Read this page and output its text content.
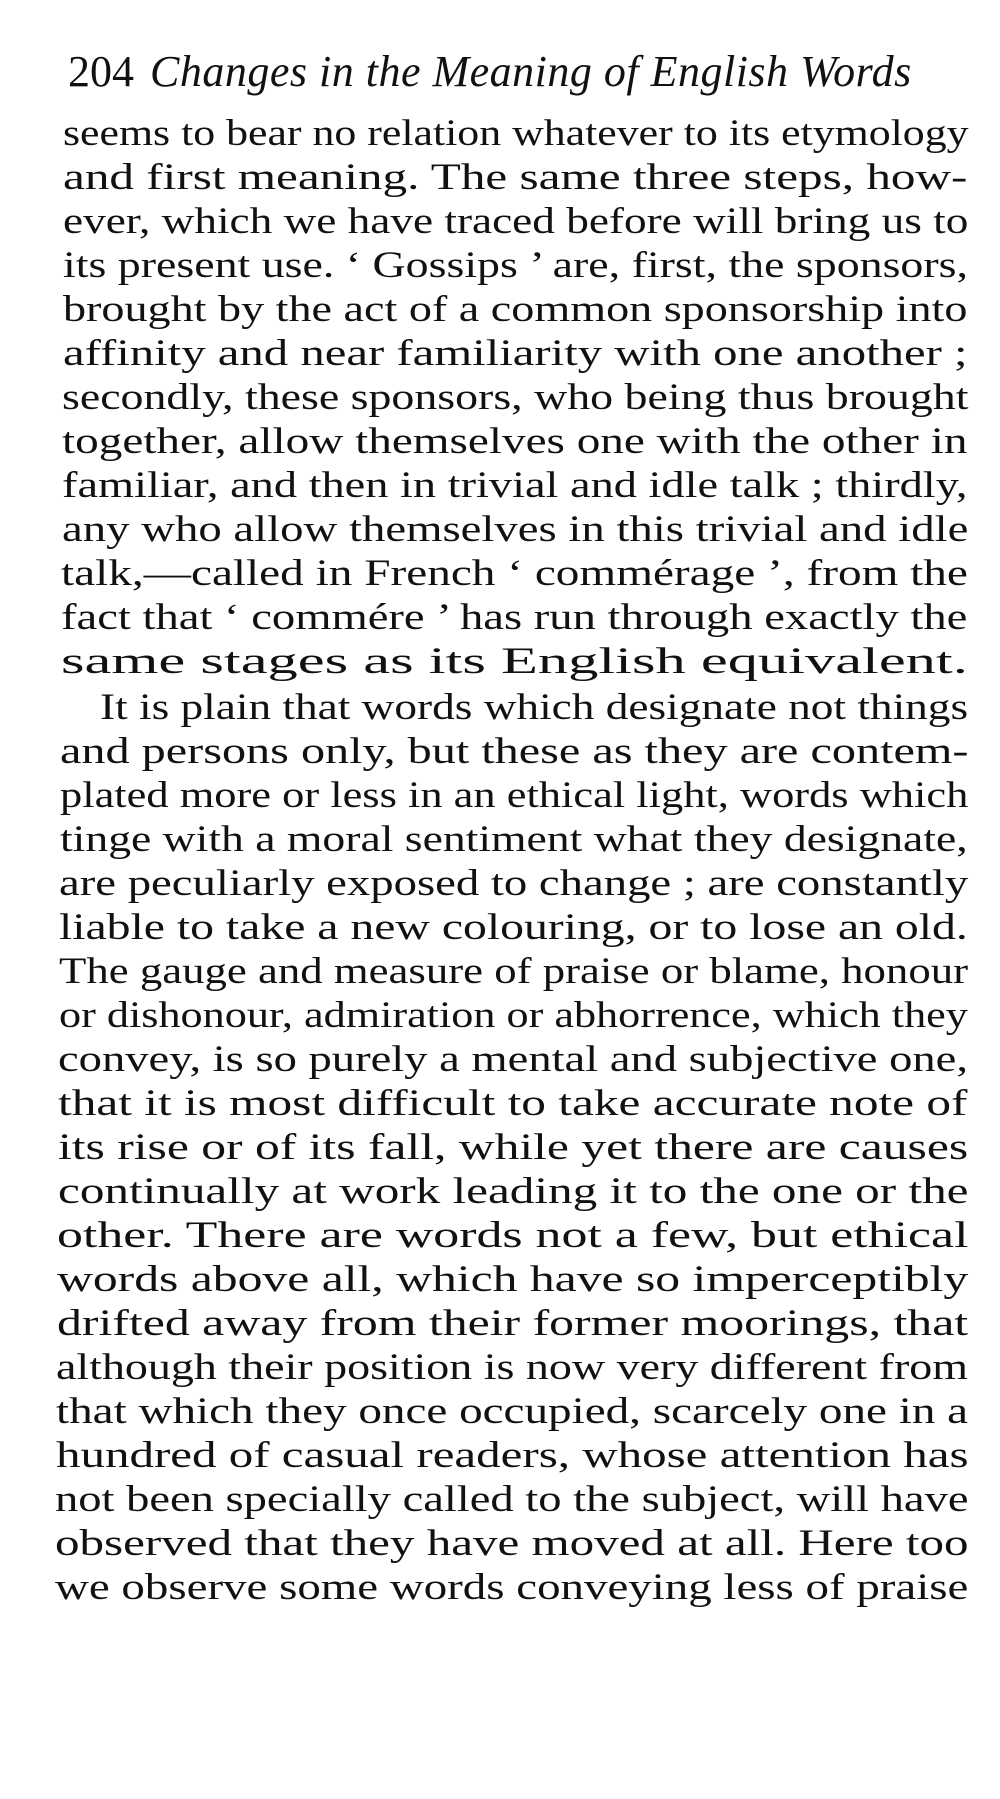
204 Changes in the Meaning of English Words
seems to bear no relation whatever to its etymology
and first meaning. The same three steps, how-
ever, which we have traced before will bring us to
its present use. ‘ Gossips ’ are, first, the sponsors,
brought by the act of a common sponsorship into
affinity and near familiarity with one another ;
secondly, these sponsors, who being thus brought
together, allow themselves one with the other in
familiar, and then in trivial and idle talk ; thirdly,
any who allow themselves in this trivial and idle
talk,—called in French ‘ commérage ’, from the
fact that ‘ commére ’ has run through exactly the
same stages as its English equivalent.
It is plain that words which designate not things
and persons only, but these as they are contem-
plated more or less in an ethical light, words which
tinge with a moral sentiment what they designate,
are peculiarly exposed to change ; are constantly
liable to take a new colouring, or to lose an old.
The gauge and measure of praise or blame, honour
or dishonour, admiration or abhorrence, which they
convey, is so purely a mental and subjective one,
that it is most difficult to take accurate note of
its rise or of its fall, while yet there are causes
continually at work leading it to the one or the
other. There are words not a few, but ethical
words above all, which have so imperceptibly
drifted away from their former moorings, that
although their position is now very different from
that which they once occupied, scarcely one in a
hundred of casual readers, whose attention has
not been specially called to the subject, will have
observed that they have moved at all. Here too
we observe some words conveying less of praise
